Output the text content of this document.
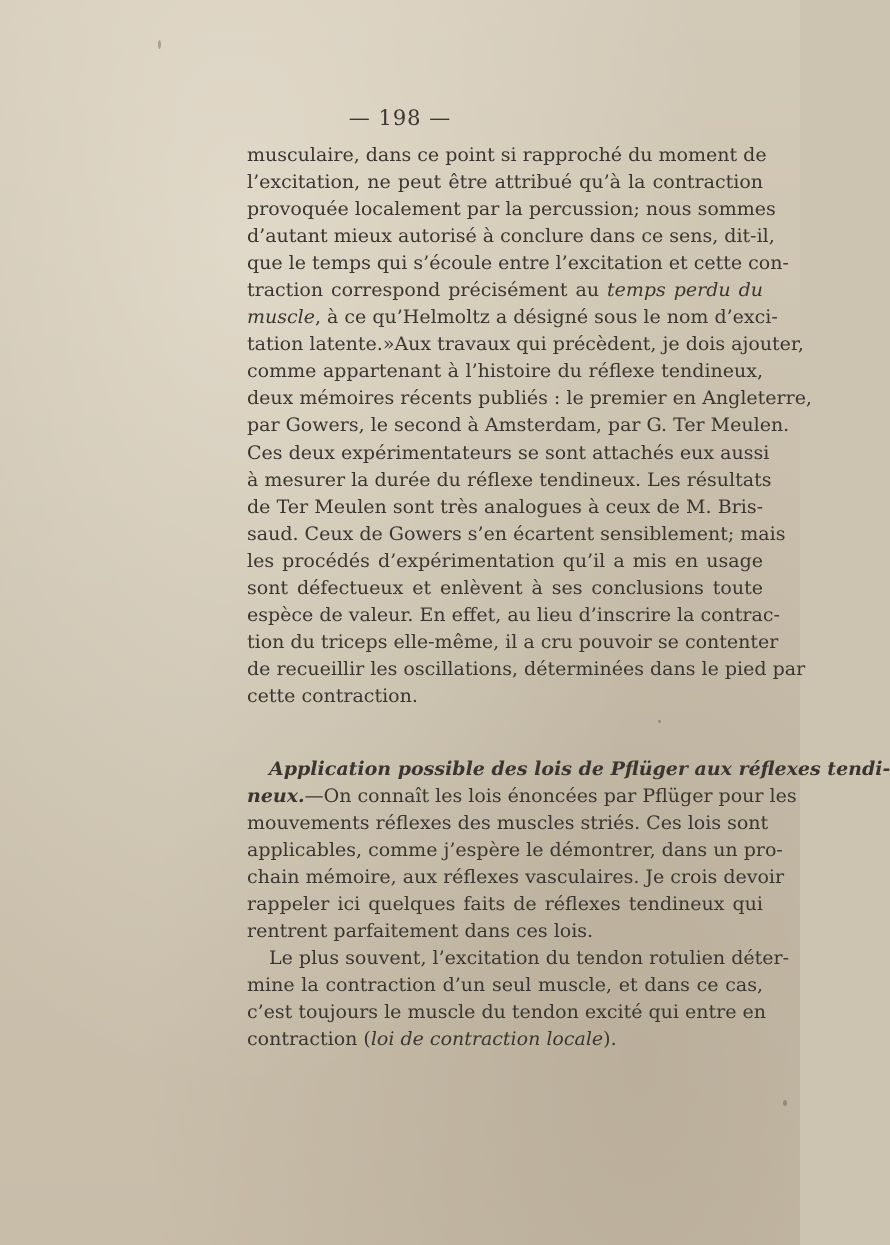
— 198 —
musculaire, dans ce point si rapproché du moment de
l’excitation, ne peut être attribué qu’à la contraction
provoquée localement par la percussion; nous sommes
d’autant mieux autorisé à conclure dans ce sens, dit-il,
que le temps qui s’écoule entre l’excitation et cette con-
traction correspond précisément au temps perdu du
muscle, à ce qu’Helmoltz a désigné sous le nom d’exci-
tation latente.»Aux travaux qui précèdent, je dois ajouter,
comme appartenant à l’histoire du réflexe tendineux,
deux mémoires récents publiés : le premier en Angleterre,
par Gowers, le second à Amsterdam, par G. Ter Meulen.
Ces deux expérimentateurs se sont attachés eux aussi
à mesurer la durée du réflexe tendineux. Les résultats
de Ter Meulen sont très analogues à ceux de M. Bris-
saud. Ceux de Gowers s’en écartent sensiblement; mais
les procédés d’expérimentation qu’il a mis en usage
sont défectueux et enlèvent à ses conclusions toute
espèce de valeur. En effet, au lieu d’inscrire la contrac-
tion du triceps elle-même, il a cru pouvoir se contenter
de recueillir les oscillations, déterminées dans le pied par
cette contraction.
Application possible des lois de Pflüger aux réflexes tendi-
neux.—On connaît les lois énoncées par Pflüger pour les
mouvements réflexes des muscles striés. Ces lois sont
applicables, comme j’espère le démontrer, dans un pro-
chain mémoire, aux réflexes vasculaires. Je crois devoir
rappeler ici quelques faits de réflexes tendineux qui
rentrent parfaitement dans ces lois.
Le plus souvent, l’excitation du tendon rotulien déter-
mine la contraction d’un seul muscle, et dans ce cas,
c’est toujours le muscle du tendon excité qui entre en
contraction (loi de contraction locale).
